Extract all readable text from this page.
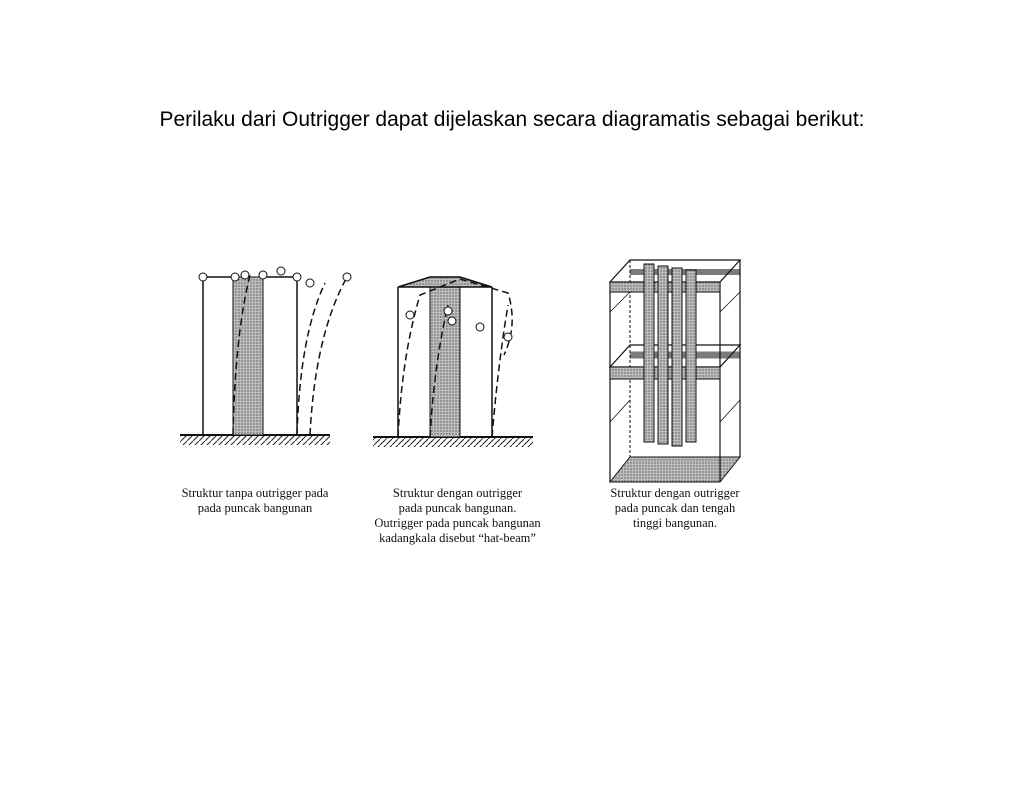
Perilaku dari Outrigger dapat dijelaskan secara diagramatis sebagai berikut:
Struktur tanpa outrigger pada
pada puncak bangunan
Struktur dengan outrigger
pada puncak bangunan.
Outrigger pada puncak bangunan
kadangkala disebut “hat-beam”
Struktur dengan outrigger
pada puncak dan tengah
tinggi bangunan.
